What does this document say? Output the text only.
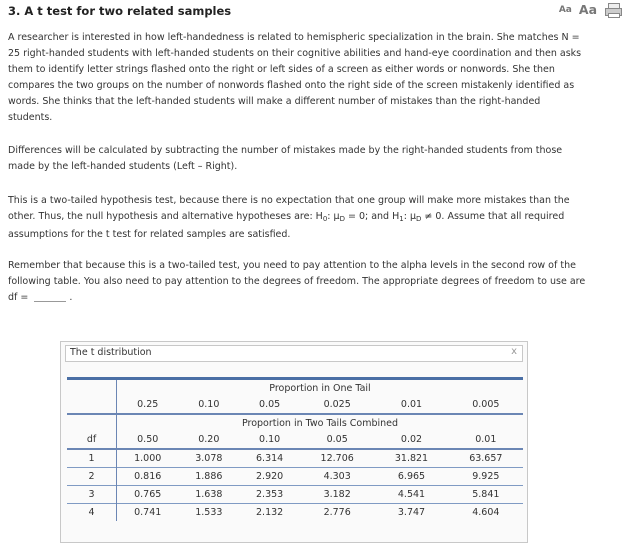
3. A t test for two related samples	Aa Aa

A researcher is interested in how left-handedness is related to hemispheric specialization in the brain. She matches N = 25 right-handed students with left-handed students on their cognitive abilities and hand-eye coordination and then asks them to identify letter strings flashed onto the right or left sides of a screen as either words or nonwords. She then compares the two groups on the number of nonwords flashed onto the right side of the screen mistakenly identified as words. She thinks that the left-handed students will make a different number of mistakes than the right-handed students.

Differences will be calculated by subtracting the number of mistakes made by the right-handed students from those made by the left-handed students (Left – Right).

This is a two-tailed hypothesis test, because there is no expectation that one group will make more mistakes than the other. Thus, the null hypothesis and alternative hypotheses are: $H_0$: $\mu_D = 0$; and $H_1$: $\mu_D \ne 0$. Assume that all required assumptions for the t test for related samples are satisfied.

Remember that because this is a two-tailed test, you need to pay attention to the alpha levels in the second row of the following table. You also need to pay attention to the degrees of freedom. The appropriate degrees of freedom to use are df =	.

The t distribution	x
	Proportion in One Tail					
	0.25	0.10	0.05	0.025	0.01	0.005
	Proportion in Two Tails Combined					
df	0.50	0.20	0.10	0.05	0.02	0.01
1	1.000	3.078	6.314	12.706	31.821	63.657
2	0.816	1.886	2.920	4.303	6.965	9.925
3	0.765	1.638	2.353	3.182	4.541	5.841
4	0.741	1.533	2.132	2.776	3.747	4.604
